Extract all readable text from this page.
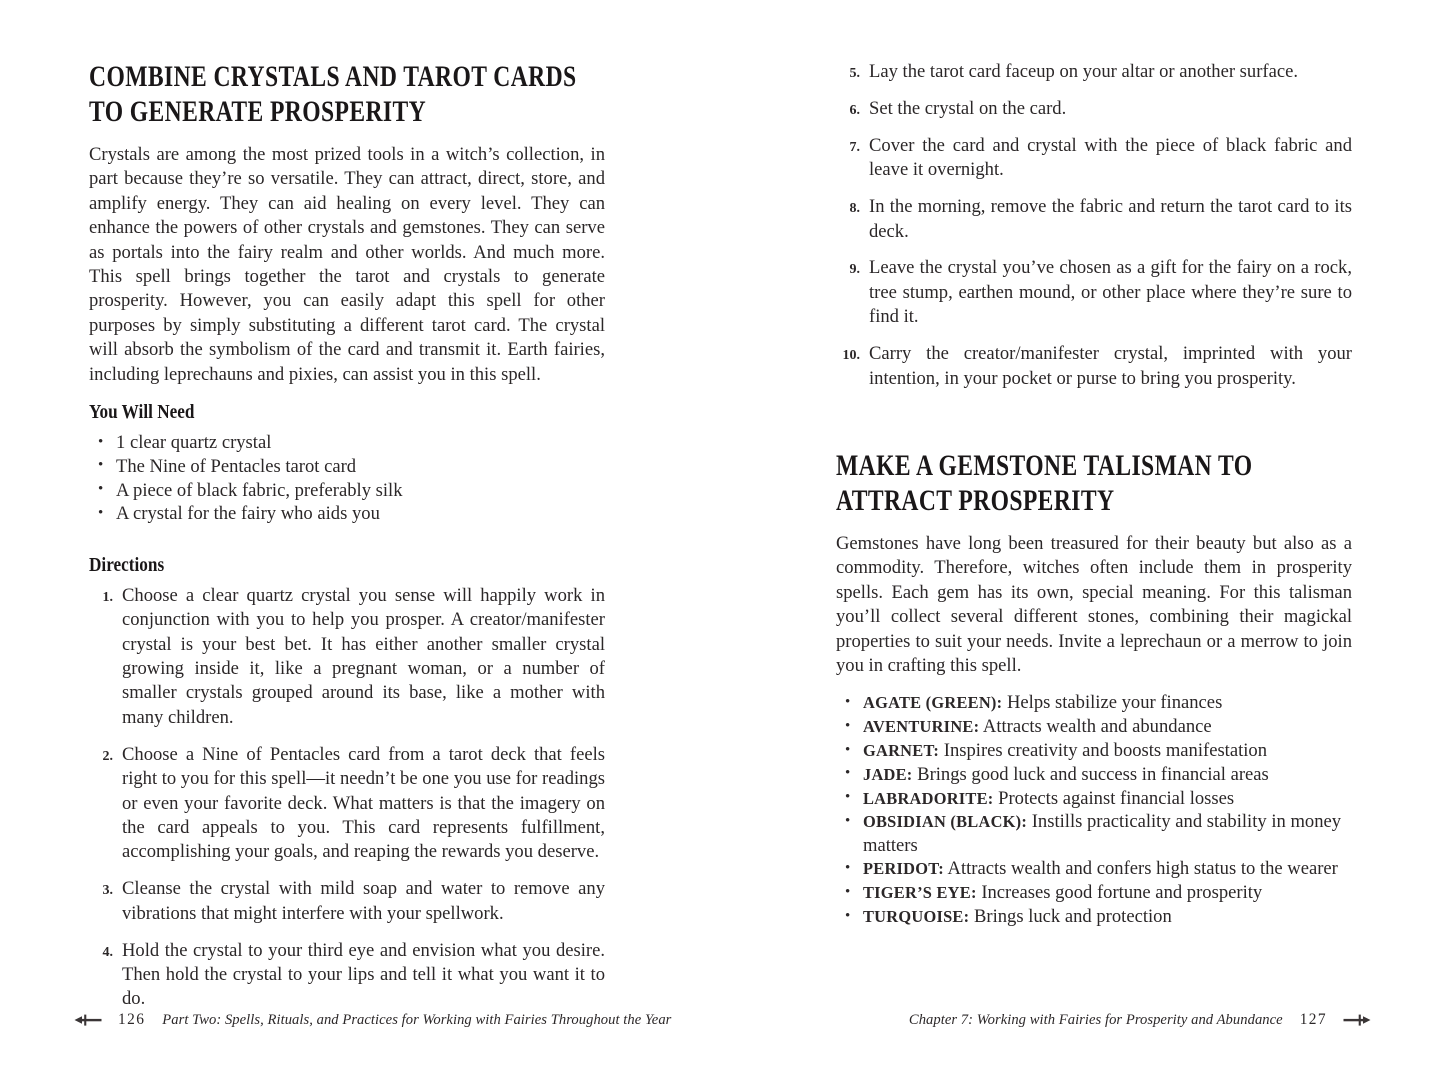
COMBINE CRYSTALS AND TAROT CARDS TO GENERATE PROSPERITY

Crystals are among the most prized tools in a witch’s collection, in part because they’re so versatile. They can attract, direct, store, and amplify energy. They can aid healing on every level. They can enhance the powers of other crystals and gemstones. They can serve as portals into the fairy realm and other worlds. And much more. This spell brings together the tarot and crystals to generate prosperity. However, you can easily adapt this spell for other purposes by simply substituting a different tarot card. The crystal will absorb the symbolism of the card and transmit it. Earth fairies, including leprechauns and pixies, can assist you in this spell.

You Will Need
• 1 clear quartz crystal
• The Nine of Pentacles tarot card
• A piece of black fabric, preferably silk
• A crystal for the fairy who aids you
Directions
1. Choose a clear quartz crystal you sense will happily work in conjunction with you to help you prosper. A creator/manifester crystal is your best bet. It has either another smaller crystal growing inside it, like a pregnant woman, or a number of smaller crystals grouped around its base, like a mother with many children.
2. Choose a Nine of Pentacles card from a tarot deck that feels right to you for this spell—it needn’t be one you use for readings or even your favorite deck. What matters is that the imagery on the card appeals to you. This card represents fulfillment, accomplishing your goals, and reaping the rewards you deserve.
3. Cleanse the crystal with mild soap and water to remove any vibrations that might interfere with your spellwork.
4. Hold the crystal to your third eye and envision what you desire. Then hold the crystal to your lips and tell it what you want it to do.
126 Part Two: Spells, Rituals, and Practices for Working with Fairies Throughout the Year
5. Lay the tarot card faceup on your altar or another surface.
6. Set the crystal on the card.
7. Cover the card and crystal with the piece of black fabric and leave it overnight.
8. In the morning, remove the fabric and return the tarot card to its deck.
9. Leave the crystal you’ve chosen as a gift for the fairy on a rock, tree stump, earthen mound, or other place where they’re sure to find it.
10. Carry the creator/manifester crystal, imprinted with your intention, in your pocket or purse to bring you prosperity.
MAKE A GEMSTONE TALISMAN TO ATTRACT PROSPERITY

Gemstones have long been treasured for their beauty but also as a commodity. Therefore, witches often include them in prosperity spells. Each gem has its own, special meaning. For this talisman you’ll collect several different stones, combining their magickal properties to suit your needs. Invite a leprechaun or a merrow to join you in crafting this spell.

• AGATE (GREEN): Helps stabilize your finances
• AVENTURINE: Attracts wealth and abundance
• GARNET: Inspires creativity and boosts manifestation
• JADE: Brings good luck and success in financial areas
• LABRADORITE: Protects against financial losses
• OBSIDIAN (BLACK): Instills practicality and stability in money matters
• PERIDOT: Attracts wealth and confers high status to the wearer
• TIGER’S EYE: Increases good fortune and prosperity
• TURQUOISE: Brings luck and protection
Chapter 7: Working with Fairies for Prosperity and Abundance 127
